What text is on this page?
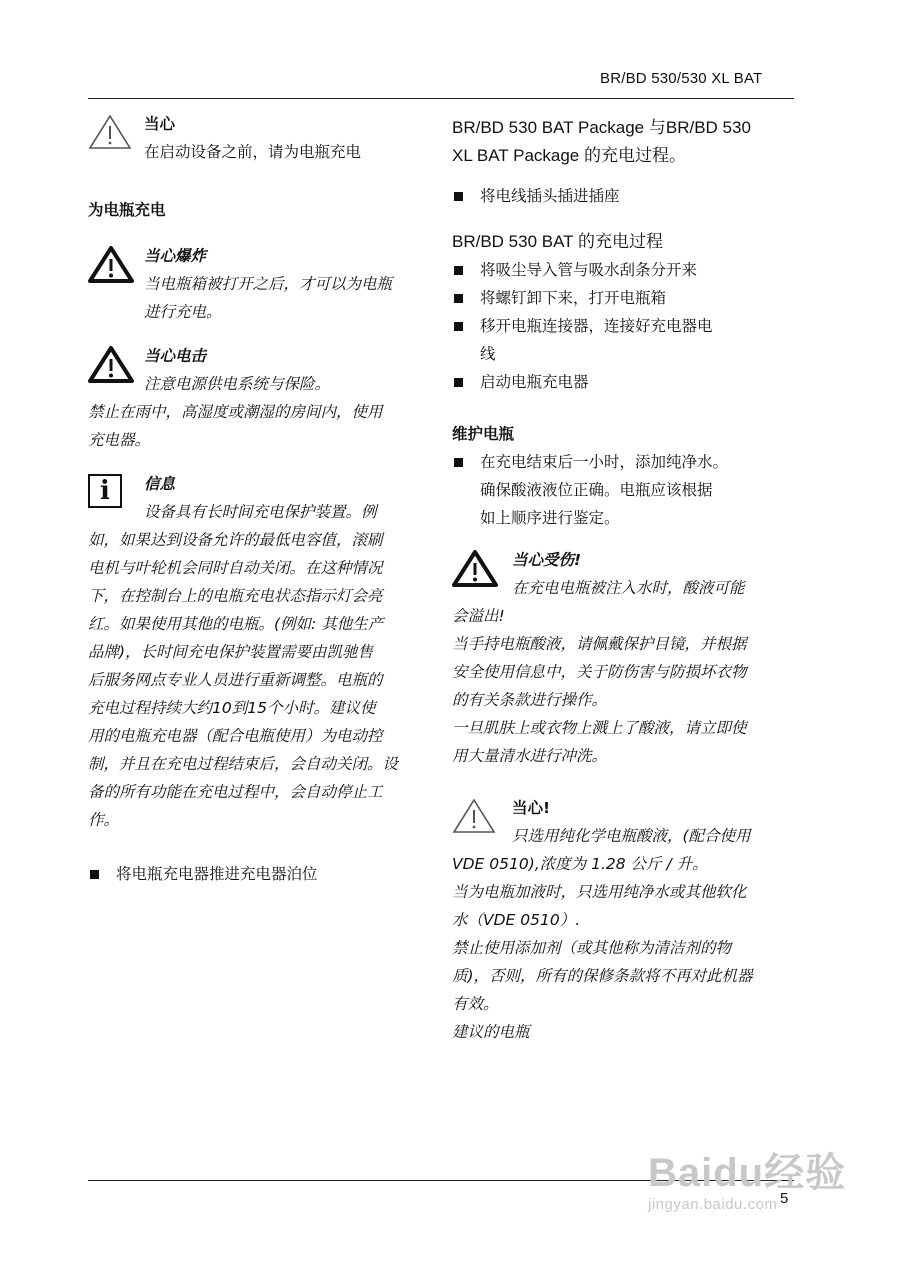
BR/BD 530/530 XL BAT

当心

在启动设备之前，请为电瓶充电

为电瓶充电

当心爆炸

当电瓶箱被打开之后，才可以为电瓶

进行充电。

当心电击

注意电源供电系统与保险。

禁止在雨中，高湿度或潮湿的房间内，使用

充电器。

i	信息

设备具有长时间充电保护装置。例

如，如果达到设备允许的最低电容值，滚刷

电机与叶轮机会同时自动关闭。在这种情况

下，在控制台上的电瓶充电状态指示灯会亮

红。如果使用其他的电瓶。(例如: 其他生产

品牌)，长时间充电保护装置需要由凯驰售

后服务网点专业人员进行重新调整。电瓶的

充电过程持续大约10到15个小时。建议使

用的电瓶充电器（配合电瓶使用）为电动控

制，并且在充电过程结束后，会自动关闭。设

备的所有功能在充电过程中，会自动停止工

作。

将电瓶充电器推进充电器泊位

BR/BD 530 BAT Package 与BR/BD 530

XL BAT Package 的充电过程。

将电线插头插进插座

BR/BD 530 BAT 的充电过程

将吸尘导入管与吸水刮条分开来
将螺钉卸下来，打开电瓶箱
移开电瓶连接器，连接好充电器电
线
启动电瓶充电器

维护电瓶

在充电结束后一小时，添加纯净水。
确保酸液液位正确。电瓶应该根据
如上顺序进行鉴定。

当心受伤!

在充电电瓶被注入水时，酸液可能

会溢出!

当手持电瓶酸液，请佩戴保护目镜，并根据

安全使用信息中，关于防伤害与防损坏衣物

的有关条款进行操作。

一旦肌肤上或衣物上溅上了酸液，请立即使

用大量清水进行冲洗。

当心!

只选用纯化学电瓶酸液，(配合使用

VDE 0510),浓度为 1.28 公斤 / 升。

当为电瓶加液时，只选用纯净水或其他软化

水（VDE 0510）.

禁止使用添加剂（或其他称为清洁剂的物

质)，否则，所有的保修条款将不再对此机器

有效。

建议的电瓶

Baidu经验
jingyan.baidu.com 5
